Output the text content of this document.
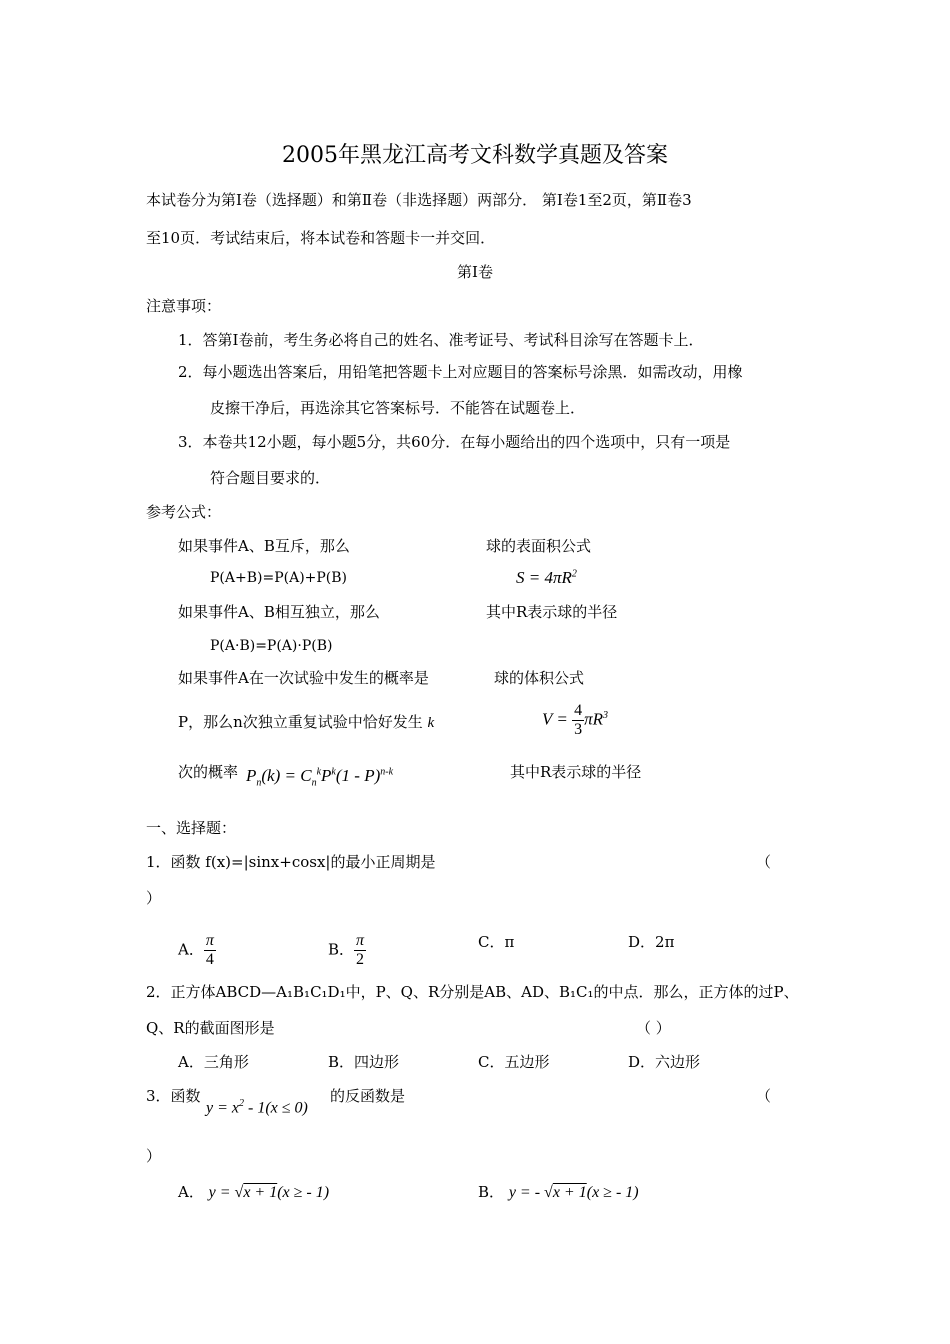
2005年黑龙江高考文科数学真题及答案
本试卷分为第Ⅰ卷（选择题）和第Ⅱ卷（非选择题）两部分． 第Ⅰ卷1至2页，第Ⅱ卷3
至10页．考试结束后，将本试卷和答题卡一并交回．
第I卷
注意事项：
1．答第Ⅰ卷前，考生务必将自己的姓名、准考证号、考试科目涂写在答题卡上．
2．每小题选出答案后，用铅笔把答题卡上对应题目的答案标号涂黑．如需改动，用橡
皮擦干净后，再选涂其它答案标号．不能答在试题卷上．
3．本卷共12小题，每小题5分，共60分．在每小题给出的四个选项中，只有一项是
符合题目要求的．
参考公式：
如果事件A、B互斥，那么
P(A+B)=P(A)+P(B)
如果事件A、B相互独立，那么
P(A·B)=P(A)·P(B)
如果事件A在一次试验中发生的概率是
P，那么n次独立重复试验中恰好发生 k
次的概率 $P_n(k) = C_n^kP^k(1 - P)^{n-k}$
球的表面积公式
$S = 4\pi R^2$
其中R表示球的半径
球的体积公式
$V = \frac{4}{3} \pi R^3$
其中R表示球的半径
一、选择题：
1．函数 f(x)=|sinx+cosx|的最小正周期是	（
）
A． $\frac{\pi}{4}$	B． $\frac{\pi}{2}$	C．π	D．2π
2．正方体ABCD—A₁B₁C₁D₁中，P、Q、R分别是AB、AD、B₁C₁的中点．那么，正方体的过P、
Q、R的截面图形是	（ ）
A．三角形	B．四边形	C．五边形	D．六边形
3．函数
$y = x^2 - 1(x \le 0)$
的反函数是	（
）
A． y = √x + 1(x ≥ - 1)	B． y = - √x + 1(x ≥ - 1)
